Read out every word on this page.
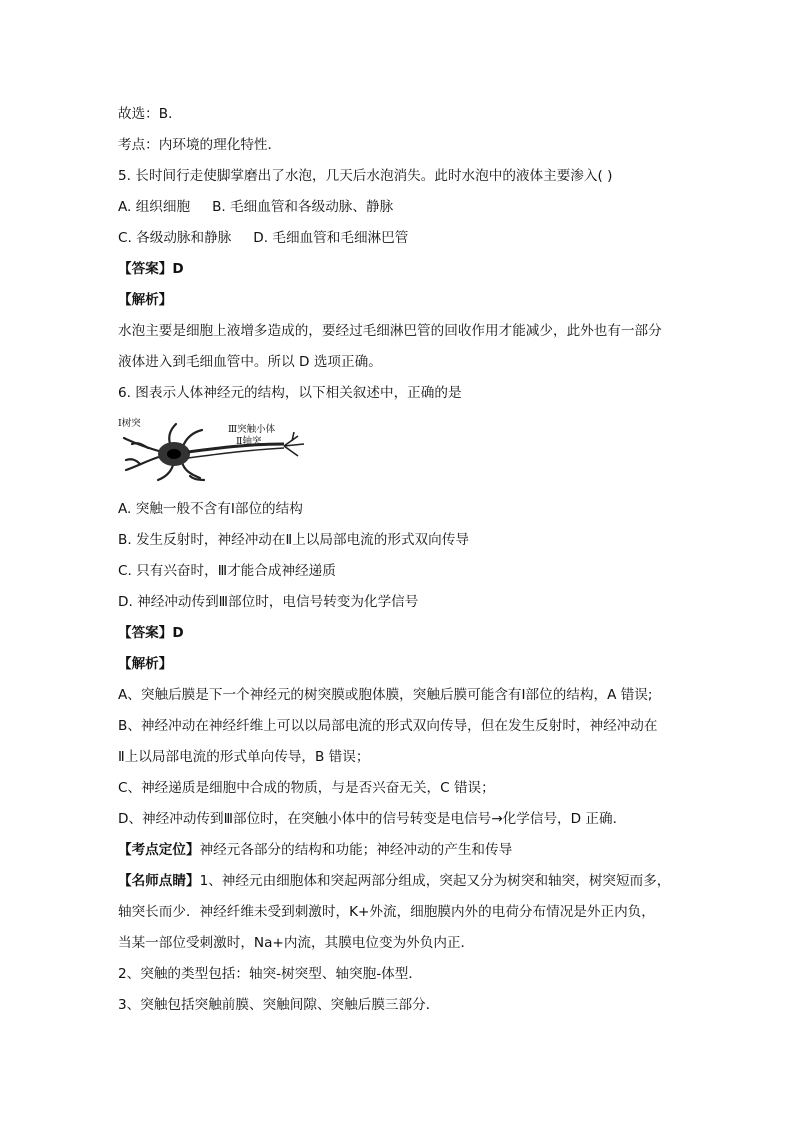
故选：B．
考点：内环境的理化特性．
5. 长时间行走使脚掌磨出了水泡，几天后水泡消失。此时水泡中的液体主要渗入( )
A. 组织细胞 B. 毛细血管和各级动脉、静脉
C. 各级动脉和静脉 D. 毛细血管和毛细淋巴管
【答案】D
【解析】
水泡主要是细胞上液增多造成的，要经过毛细淋巴管的回收作用才能减少，此外也有一部分
液体进入到毛细血管中。所以 D 选项正确。
6. 图表示人体神经元的结构，以下相关叙述中，正确的是
Ⅰ树突
Ⅲ突触小体
Ⅱ轴突
A. 突触一般不含有Ⅰ部位的结构
B. 发生反射时，神经冲动在Ⅱ上以局部电流的形式双向传导
C. 只有兴奋时，Ⅲ才能合成神经递质
D. 神经冲动传到Ⅲ部位时，电信号转变为化学信号
【答案】D
【解析】
A、突触后膜是下一个神经元的树突膜或胞体膜，突触后膜可能含有Ⅰ部位的结构，A 错误;
B、神经冲动在神经纤维上可以以局部电流的形式双向传导，但在发生反射时，神经冲动在
Ⅱ上以局部电流的形式单向传导，B 错误；
C、神经递质是细胞中合成的物质，与是否兴奋无关，C 错误；
D、神经冲动传到Ⅲ部位时，在突触小体中的信号转变是电信号→化学信号，D 正确．
【考点定位】神经元各部分的结构和功能；神经冲动的产生和传导
【名师点睛】1、神经元由细胞体和突起两部分组成，突起又分为树突和轴突，树突短而多，
轴突长而少．神经纤维未受到刺激时，K+外流，细胞膜内外的电荷分布情况是外正内负，
当某一部位受刺激时，Na+内流，其膜电位变为外负内正．
2、突触的类型包括：轴突-树突型、轴突胞-体型．
3、突触包括突触前膜、突触间隙、突触后膜三部分．
